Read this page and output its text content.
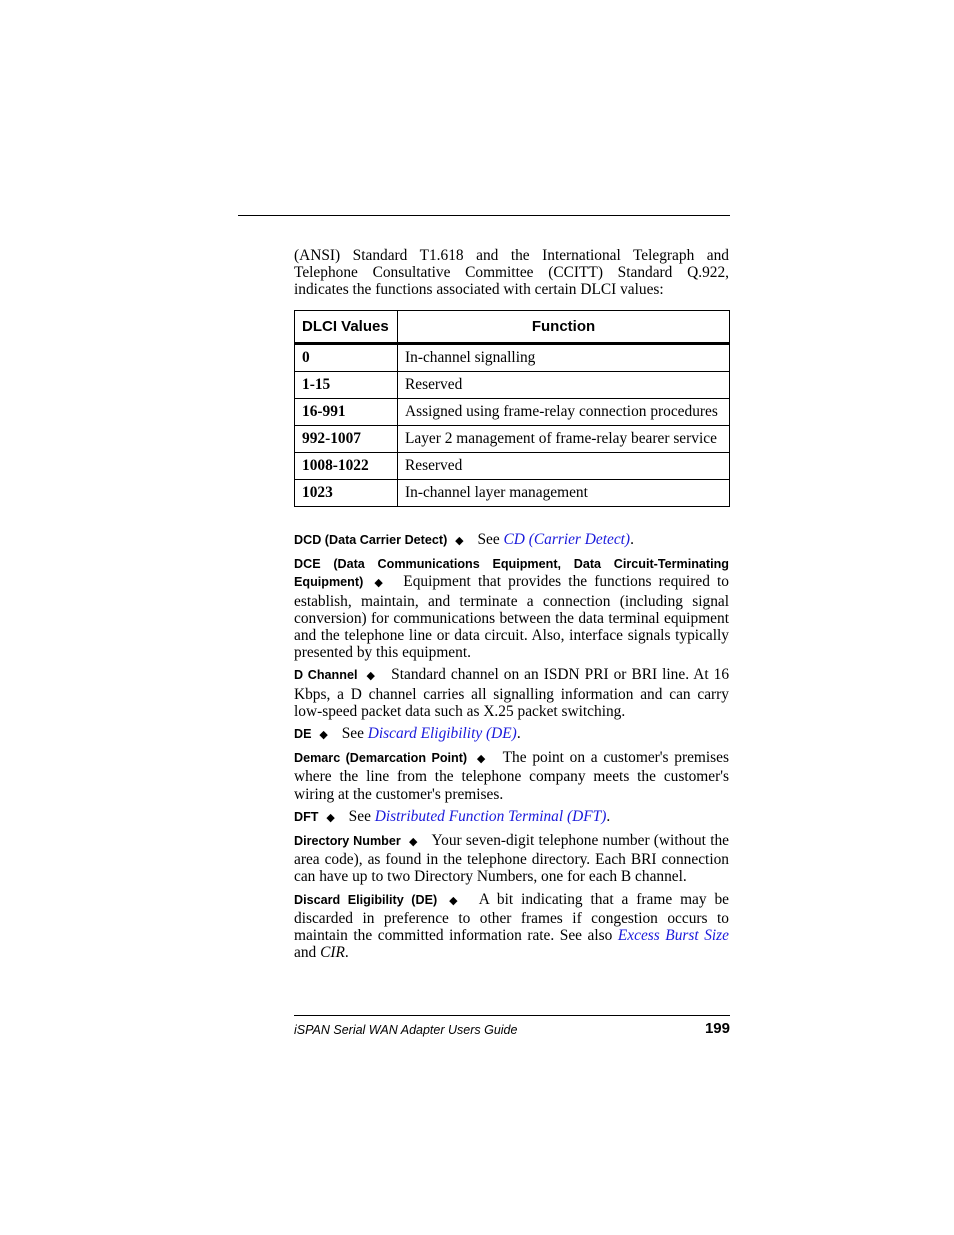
(ANSI) Standard T1.618 and the International Telegraph and Telephone Consultative Committee (CCITT) Standard Q.922, indicates the functions associated with certain DLCI values:

DLCI Values	Function
0	In-channel signalling
1-15	Reserved
16-991	Assigned using frame-relay connection procedures
992-1007	Layer 2 management of frame-relay bearer service
1008-1022	Reserved
1023	In-channel layer management

DCD (Data Carrier Detect) ◆ See CD (Carrier Detect).

DCE (Data Communications Equipment, Data Circuit-Terminating Equipment) ◆ Equipment that provides the functions required to establish, maintain, and terminate a connection (including signal conversion) for communications between the data terminal equipment and the telephone line or data circuit. Also, interface signals typically presented by this equipment.

D Channel ◆ Standard channel on an ISDN PRI or BRI line. At 16 Kbps, a D channel carries all signalling information and can carry low-speed packet data such as X.25 packet switching.

DE ◆ See Discard Eligibility (DE).

Demarc (Demarcation Point) ◆ The point on a customer's premises where the line from the telephone company meets the customer's wiring at the customer's premises.

DFT ◆ See Distributed Function Terminal (DFT).

Directory Number ◆ Your seven-digit telephone number (without the area code), as found in the telephone directory. Each BRI connection can have up to two Directory Numbers, one for each B channel.

Discard Eligibility (DE) ◆ A bit indicating that a frame may be discarded in preference to other frames if congestion occurs to maintain the committed information rate. See also Excess Burst Size and CIR.

iSPAN Serial WAN Adapter Users Guide	199
